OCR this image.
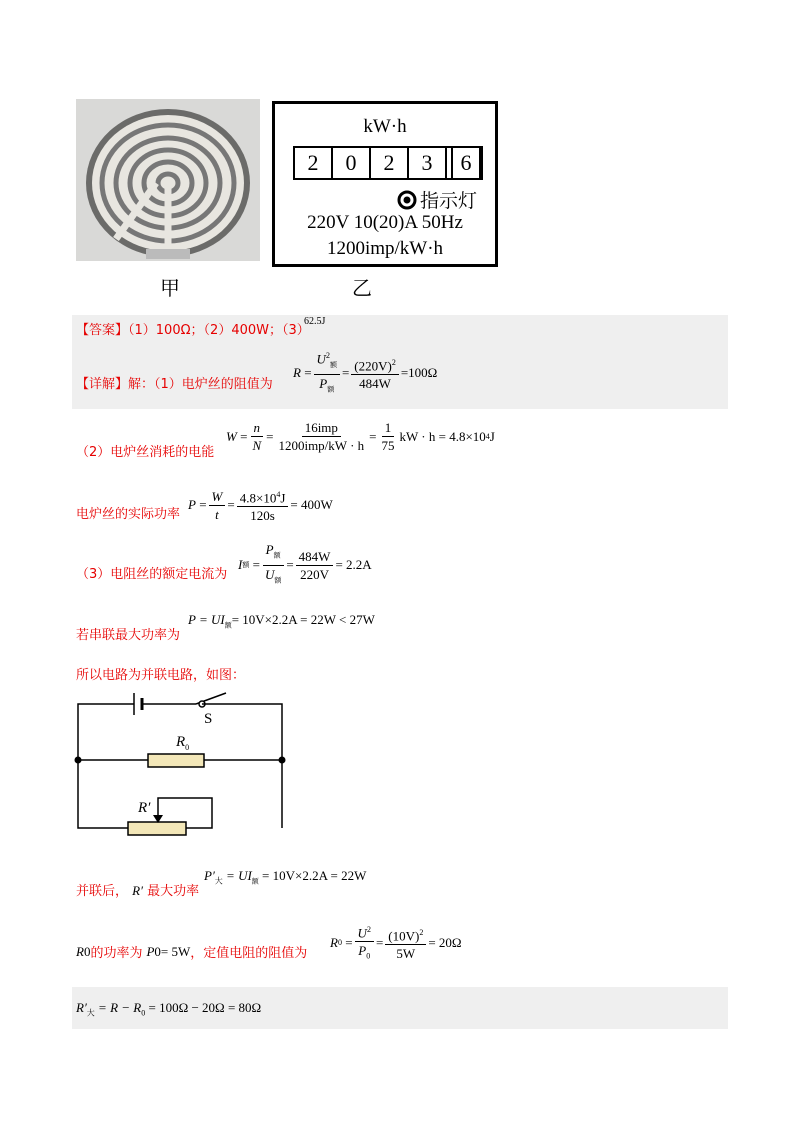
甲
kW·h
2	0	2	3	6
指示灯
220V 10(20)A 50Hz
1200imp/kW·h
乙
【答案】（1）100Ω；（2）400W；（3）
62.5J
【详解】解：（1）电炉丝的阻值为
$R = \frac{U^2_额}{P_额} = \frac{(220V)^2}{484W} =100\Omega$
（2）电炉丝消耗的电能
$W = \frac{n}{N} = \frac{\text{16imp}}{\text{1200imp/kW · h}} = \frac{1}{75}$ kW · h = 4.8×10 4 J
电炉丝的实际功率
$P = \frac{W}{t} = \frac{4.8\times 10^4J}{120s} = 400W$
（3）电阻丝的额定电流为
I 额 = $\frac{P_额}{U_额} = \frac{484W}{220V} = 2.2A$
若串联最大功率为
$P = UI_额= 10V\times 2.2A = 22W < 27W$
所以电路为并联电路，如图：
S
$R_0$
R′
并联后， R′ 最大功率
$P'_大 = UI_额 = 10V\times 2.2A = 22W$
R 0 的功率为 P 0 = 5W ，定值电阻的阻值为
R $0 = \frac{U^2}{P_0} = \frac{(10V)^2}{5W} = 20\Omega$
$R'_大 = R - R_0 = 100\Omega - 20\Omega = 80\Omega$
